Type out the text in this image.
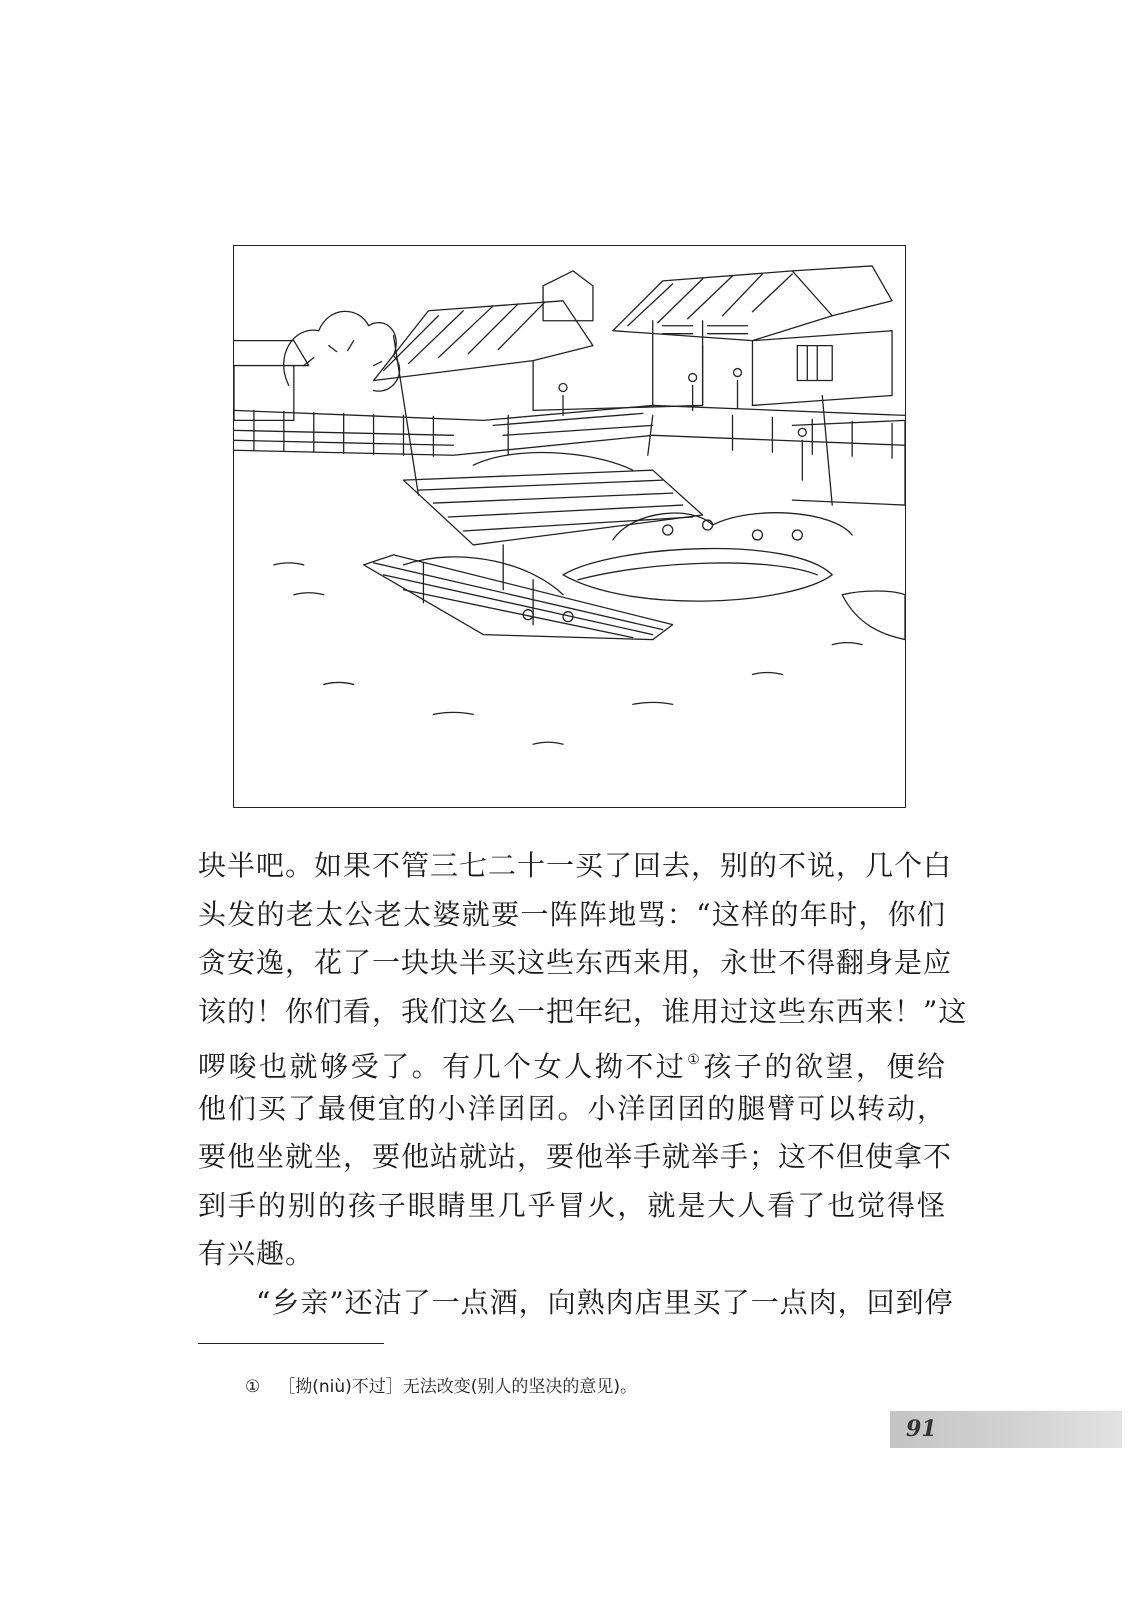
块半吧。如果不管三七二十一买了回去，别的不说，几个白
头发的老太公老太婆就要一阵阵地骂：“这样的年时，你们
贪安逸，花了一块块半买这些东西来用，永世不得翻身是应
该的！你们看，我们这么一把年纪，谁用过这些东西来！”这
啰唆也就够受了。有几个女人拗不过①孩子的欲望，便给
他们买了最便宜的小洋囝囝。小洋囝囝的腿臂可以转动，
要他坐就坐，要他站就站，要他举手就举手；这不但使拿不
到手的别的孩子眼睛里几乎冒火，就是大人看了也觉得怪
有兴趣。
“乡亲”还沽了一点酒，向熟肉店里买了一点肉，回到停
① ［拗(niù)不过］无法改变(别人的坚决的意见)。
91
